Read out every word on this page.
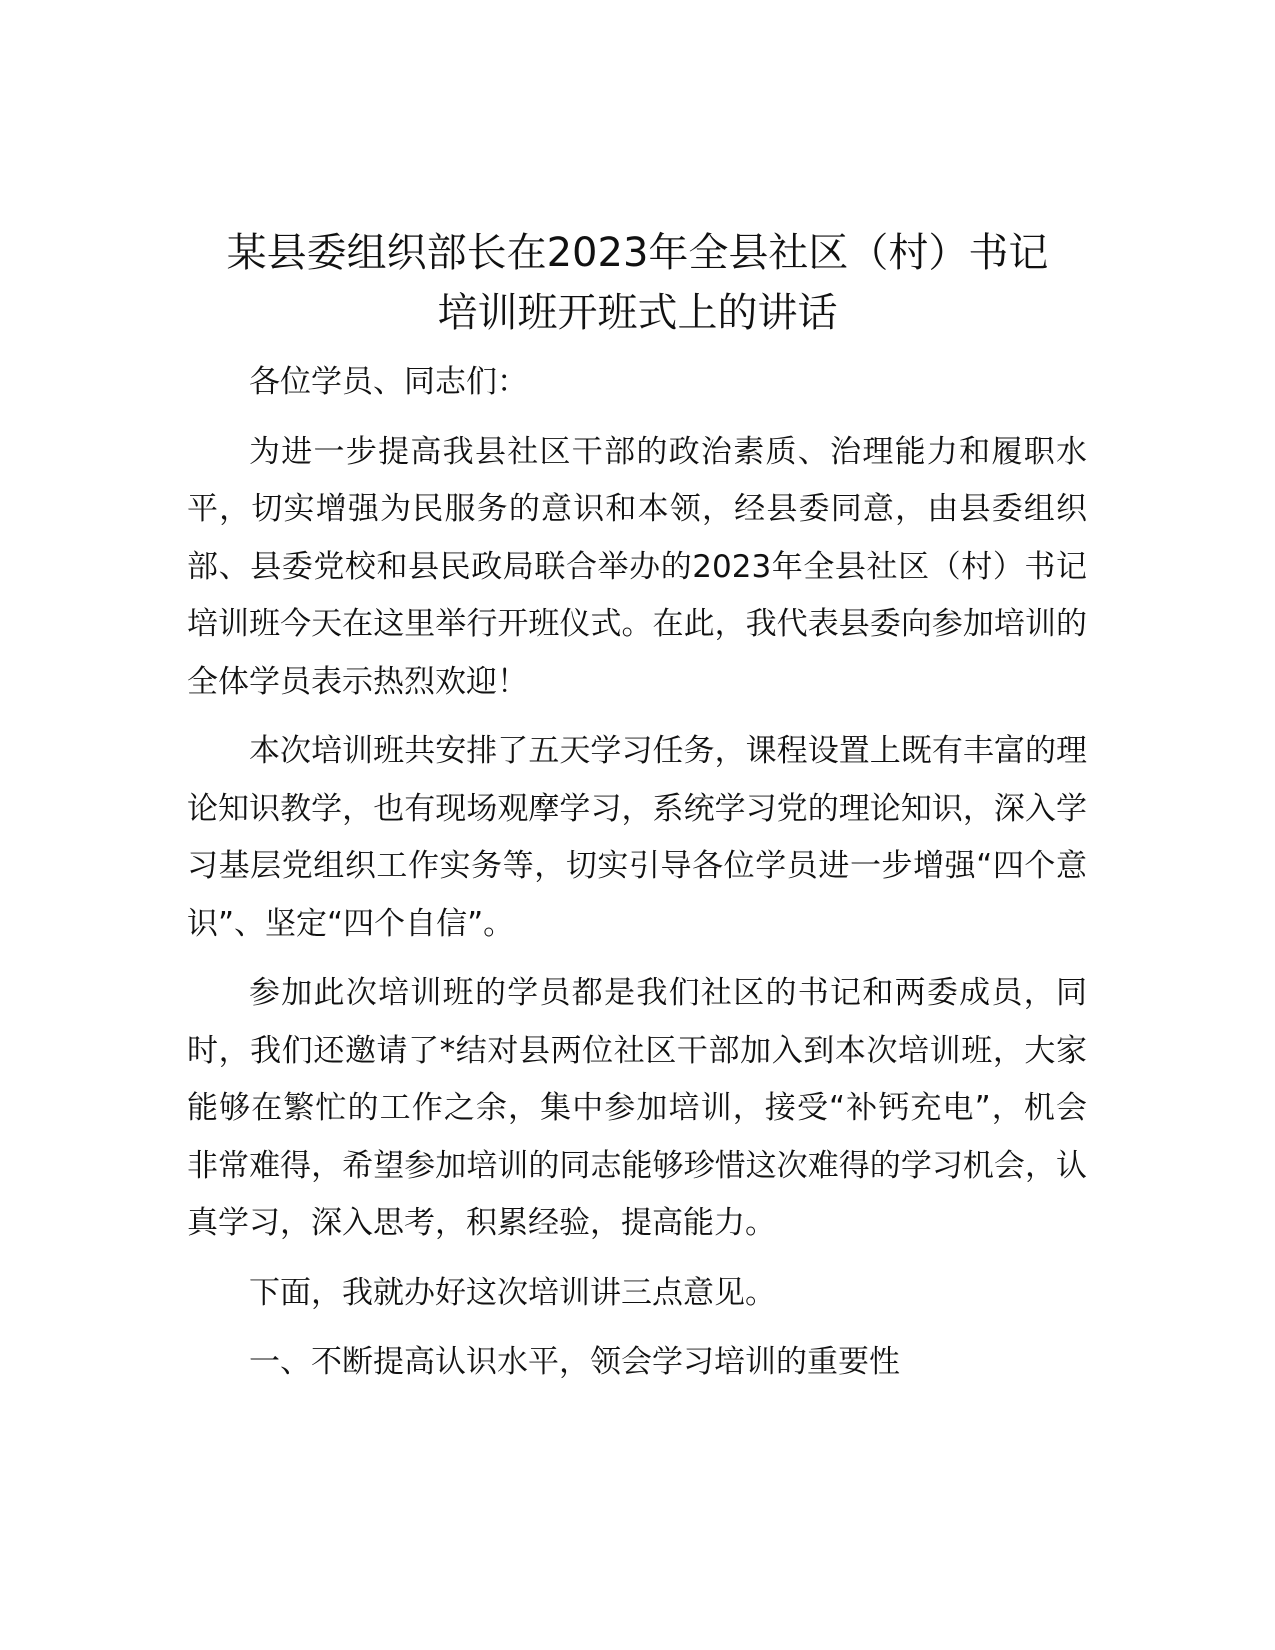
某县委组织部长在2023年全县社区（村）书记
培训班开班式上的讲话

各位学员、同志们：

为进一步提高我县社区干部的政治素质、治理能力和履职水平，切实增强为民服务的意识和本领，经县委同意，由县委组织部、县委党校和县民政局联合举办的2023年全县社区（村）书记培训班今天在这里举行开班仪式。在此，我代表县委向参加培训的全体学员表示热烈欢迎！

本次培训班共安排了五天学习任务，课程设置上既有丰富的理论知识教学，也有现场观摩学习，系统学习党的理论知识，深入学习基层党组织工作实务等，切实引导各位学员进一步增强“四个意识”、坚定“四个自信”。

参加此次培训班的学员都是我们社区的书记和两委成员，同时，我们还邀请了*结对县两位社区干部加入到本次培训班，大家能够在繁忙的工作之余，集中参加培训，接受“补钙充电”，机会非常难得，希望参加培训的同志能够珍惜这次难得的学习机会，认真学习，深入思考，积累经验，提高能力。

下面，我就办好这次培训讲三点意见。

一、不断提高认识水平，领会学习培训的重要性
